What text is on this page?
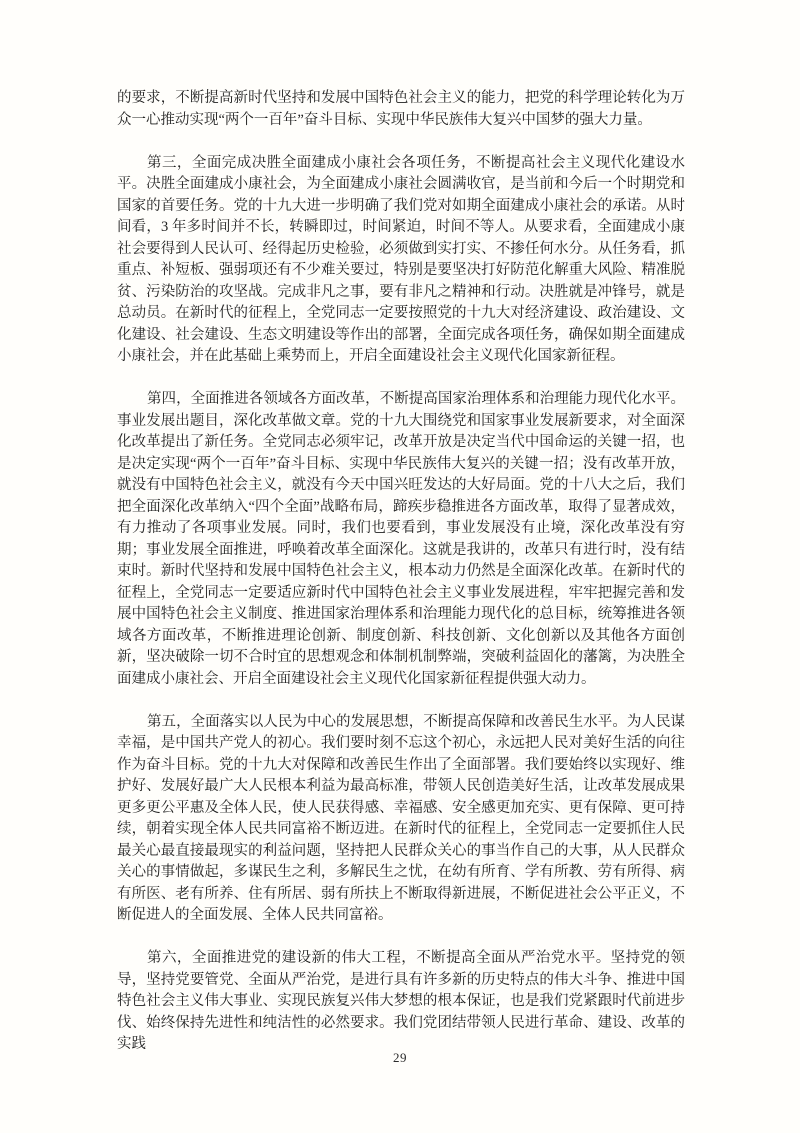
的要求，不断提高新时代坚持和发展中国特色社会主义的能力，把党的科学理论转化为万众一心推动实现“两个一百年”奋斗目标、实现中华民族伟大复兴中国梦的强大力量。

第三，全面完成决胜全面建成小康社会各项任务，不断提高社会主义现代化建设水平。决胜全面建成小康社会，为全面建成小康社会圆满收官，是当前和今后一个时期党和国家的首要任务。党的十九大进一步明确了我们党对如期全面建成小康社会的承诺。从时间看，3 年多时间并不长，转瞬即过，时间紧迫，时间不等人。从要求看，全面建成小康社会要得到人民认可、经得起历史检验，必须做到实打实、不掺任何水分。从任务看，抓重点、补短板、强弱项还有不少难关要过，特别是要坚决打好防范化解重大风险、精准脱贫、污染防治的攻坚战。完成非凡之事，要有非凡之精神和行动。决胜就是冲锋号，就是总动员。在新时代的征程上，全党同志一定要按照党的十九大对经济建设、政治建设、文化建设、社会建设、生态文明建设等作出的部署，全面完成各项任务，确保如期全面建成小康社会，并在此基础上乘势而上，开启全面建设社会主义现代化国家新征程。

第四，全面推进各领域各方面改革，不断提高国家治理体系和治理能力现代化水平。事业发展出题目，深化改革做文章。党的十九大围绕党和国家事业发展新要求，对全面深化改革提出了新任务。全党同志必须牢记，改革开放是决定当代中国命运的关键一招，也是决定实现“两个一百年”奋斗目标、实现中华民族伟大复兴的关键一招；没有改革开放，就没有中国特色社会主义，就没有今天中国兴旺发达的大好局面。党的十八大之后，我们把全面深化改革纳入“四个全面”战略布局，蹄疾步稳推进各方面改革，取得了显著成效，有力推动了各项事业发展。同时，我们也要看到，事业发展没有止境，深化改革没有穷期；事业发展全面推进，呼唤着改革全面深化。这就是我讲的，改革只有进行时，没有结束时。新时代坚持和发展中国特色社会主义，根本动力仍然是全面深化改革。在新时代的征程上，全党同志一定要适应新时代中国特色社会主义事业发展进程，牢牢把握完善和发展中国特色社会主义制度、推进国家治理体系和治理能力现代化的总目标，统筹推进各领域各方面改革，不断推进理论创新、制度创新、科技创新、文化创新以及其他各方面创新，坚决破除一切不合时宜的思想观念和体制机制弊端，突破利益固化的藩篱，为决胜全面建成小康社会、开启全面建设社会主义现代化国家新征程提供强大动力。

第五，全面落实以人民为中心的发展思想，不断提高保障和改善民生水平。为人民谋幸福，是中国共产党人的初心。我们要时刻不忘这个初心，永远把人民对美好生活的向往作为奋斗目标。党的十九大对保障和改善民生作出了全面部署。我们要始终以实现好、维护好、发展好最广大人民根本利益为最高标准，带领人民创造美好生活，让改革发展成果更多更公平惠及全体人民，使人民获得感、幸福感、安全感更加充实、更有保障、更可持续，朝着实现全体人民共同富裕不断迈进。在新时代的征程上，全党同志一定要抓住人民最关心最直接最现实的利益问题，坚持把人民群众关心的事当作自己的大事，从人民群众关心的事情做起，多谋民生之利，多解民生之忧，在幼有所育、学有所教、劳有所得、病有所医、老有所养、住有所居、弱有所扶上不断取得新进展，不断促进社会公平正义，不断促进人的全面发展、全体人民共同富裕。

第六，全面推进党的建设新的伟大工程，不断提高全面从严治党水平。坚持党的领导，坚持党要管党、全面从严治党，是进行具有许多新的历史特点的伟大斗争、推进中国特色社会主义伟大事业、实现民族复兴伟大梦想的根本保证，也是我们党紧跟时代前进步伐、始终保持先进性和纯洁性的必然要求。我们党团结带领人民进行革命、建设、改革的实践

29
